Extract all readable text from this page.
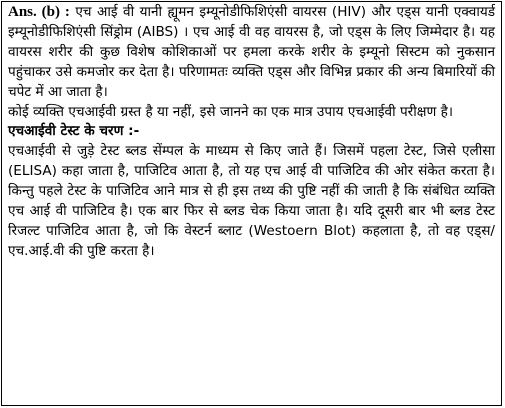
Ans. (b) : एच आई वी यानी ह्यूमन इम्यूनोडीफिशिएंसी वायरस (HIV) और एड्स यानी एक्वायर्ड इम्यूनोडीफिशिएंसी सिंड्रोम (AIBS) । एच आई वी वह वायरस है, जो एड्स के लिए जिम्मेदार है। यह वायरस शरीर की कुछ विशेष कोशिकाओं पर हमला करके शरीर के इम्यूनो सिस्टम को नुकसान पहुंचाकर उसे कमजोर कर देता है। परिणामतः व्यक्ति एड्स और विभिन्न प्रकार की अन्य बिमारियों की चपेट में आ जाता है।

कोई व्यक्ति एचआईवी ग्रस्त है या नहीं, इसे जानने का एक मात्र उपाय एचआईवी परीक्षण है।

एचआईवी टेस्ट के चरण :-

एचआईवी से जुड़े टेस्ट ब्लड सेंम्पल के माध्यम से किए जाते हैं। जिसमें पहला टेस्ट, जिसे एलीसा (ELISA) कहा जाता है, पाजिटिव आता है, तो यह एच आई वी पाजिटिव की ओर संकेत करता है। किन्तु पहले टेस्ट के पाजिटिव आने मात्र से ही इस तथ्य की पुष्टि नहीं की जाती है कि संबंधित व्यक्ति एच आई वी पाजिटिव है। एक बार फिर से ब्लड चेक किया जाता है। यदि दूसरी बार भी ब्लड टेस्ट रिजल्ट पाजिटिव आता है, जो कि वेस्टर्न ब्लाट (Westoern Blot) कहलाता है, तो वह एड्स/एच.आई.वी की पुष्टि करता है।
